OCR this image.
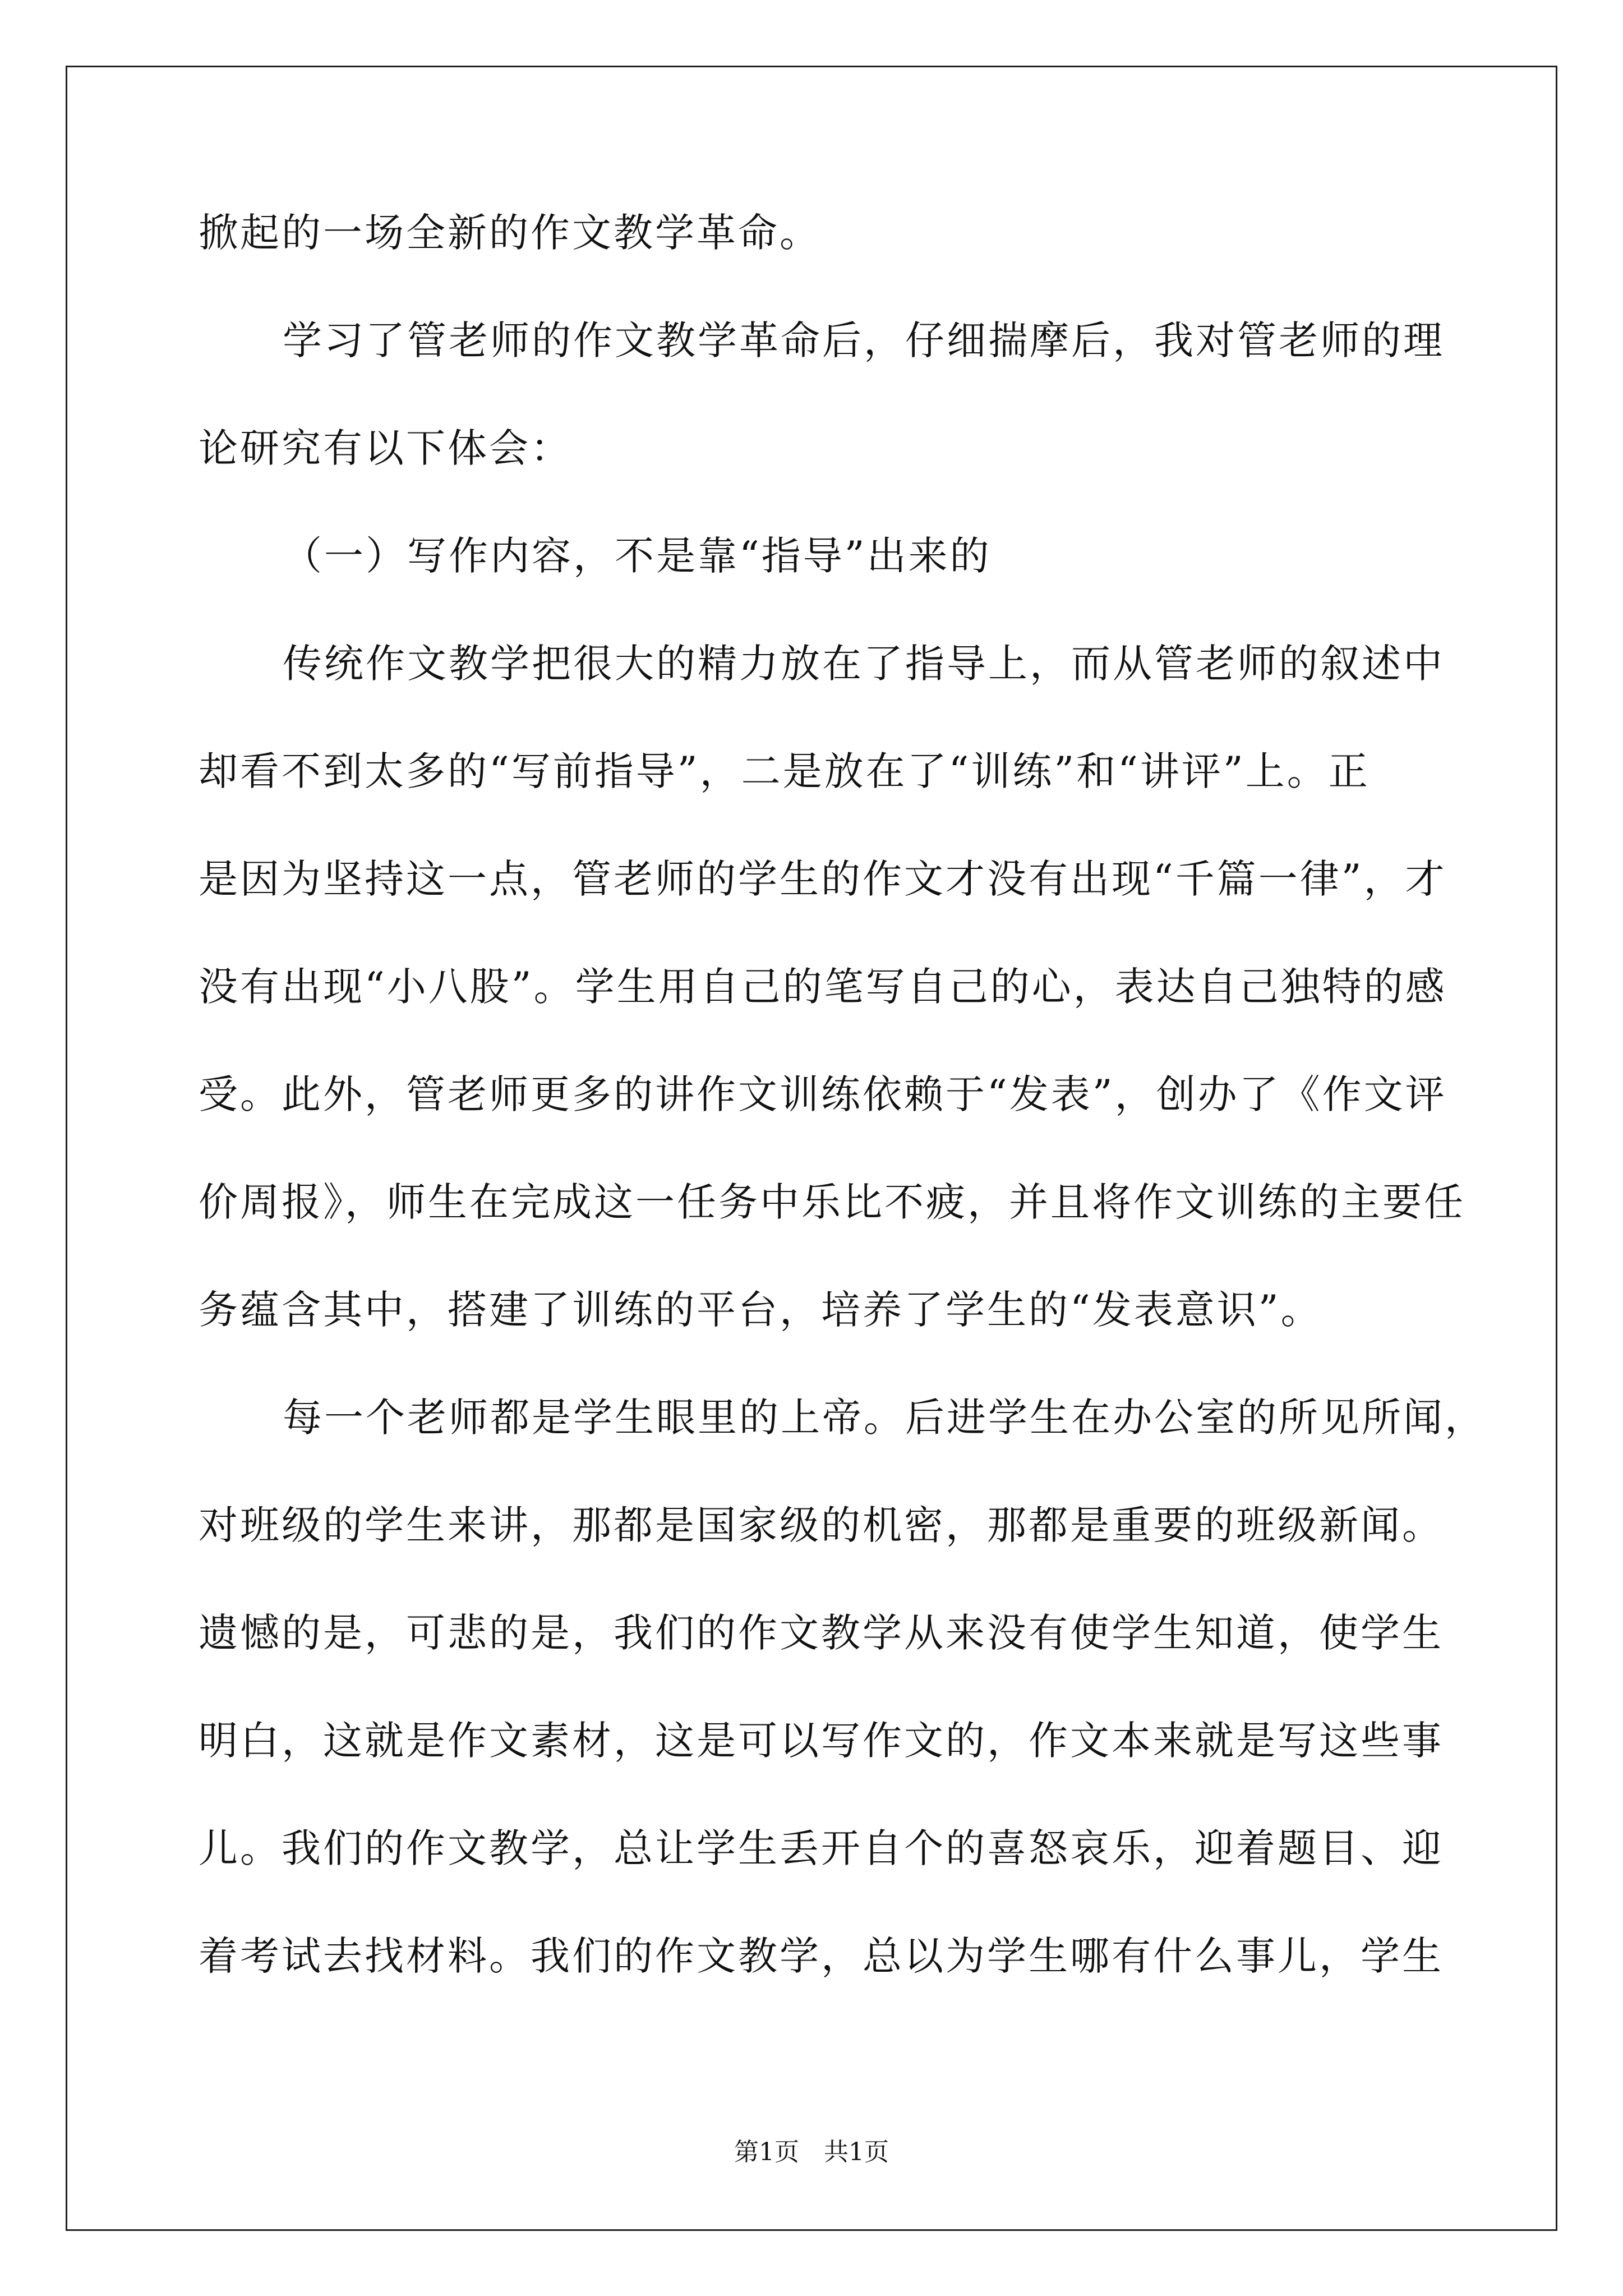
掀起的一场全新的作文教学革命。
学习了管老师的作文教学革命后，仔细揣摩后，我对管老师的理
论研究有以下体会：
（一）写作内容，不是靠“指导”出来的
传统作文教学把很大的精力放在了指导上，而从管老师的叙述中
却看不到太多的“写前指导”，二是放在了“训练”和“讲评”上。正
是因为坚持这一点，管老师的学生的作文才没有出现“千篇一律”，才
没有出现“小八股”。学生用自己的笔写自己的心，表达自己独特的感
受。此外，管老师更多的讲作文训练依赖于“发表”，创办了《作文评
价周报》，师生在完成这一任务中乐比不疲，并且将作文训练的主要任
务蕴含其中，搭建了训练的平台，培养了学生的“发表意识”。
每一个老师都是学生眼里的上帝。后进学生在办公室的所见所闻，
对班级的学生来讲，那都是国家级的机密，那都是重要的班级新闻。
遗憾的是，可悲的是，我们的作文教学从来没有使学生知道，使学生
明白，这就是作文素材，这是可以写作文的，作文本来就是写这些事
儿。我们的作文教学，总让学生丢开自个的喜怒哀乐，迎着题目、迎
着考试去找材料。我们的作文教学，总以为学生哪有什么事儿，学生
第1页　共1页
